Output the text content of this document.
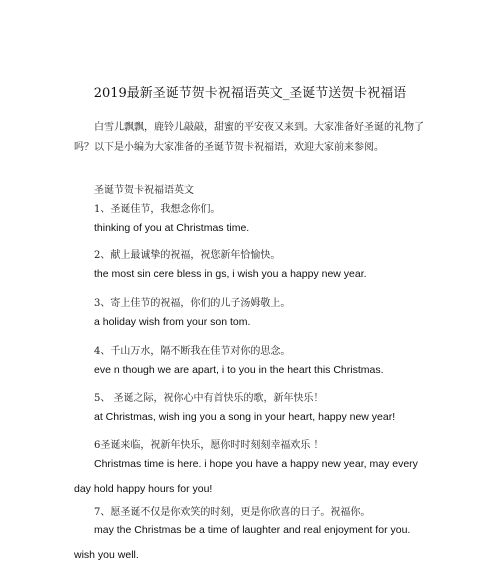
2019最新圣诞节贺卡祝福语英文_圣诞节送贺卡祝福语
白雪儿飘飘，鹿铃儿敲敲，甜蜜的平安夜又来到。大家准备好圣诞的礼物了吗？以下是小编为大家准备的圣诞节贺卡祝福语，欢迎大家前来参阅。
圣诞节贺卡祝福语英文
1、圣诞佳节，我想念你们。
thinking of you at Christmas time.
2、献上最诚挚的祝福，祝您新年恰愉快。
the most sin cere bless in gs, i wish you a happy new year.
3、寄上佳节的祝福，你们的儿子汤姆敬上。
a holiday wish from your son tom.
4、千山万水，隔不断我在佳节对你的思念。
eve n though we are apart, i to you in the heart this Christmas.
5、 圣诞之际，祝你心中有首快乐的歌，新年快乐！
at Christmas, wish ing you a song in your heart, happy new year!
6圣诞来临，祝新年快乐，愿你时时刻刻幸福欢乐 ！
Christmas time is here. i hope you have a happy new year, may every day hold happy hours for you!
7、愿圣诞不仅是你欢笑的时刻，更是你欣喜的日子。祝福你。
may the Christmas be a time of laughter and real enjoyment for you. wish you well.
